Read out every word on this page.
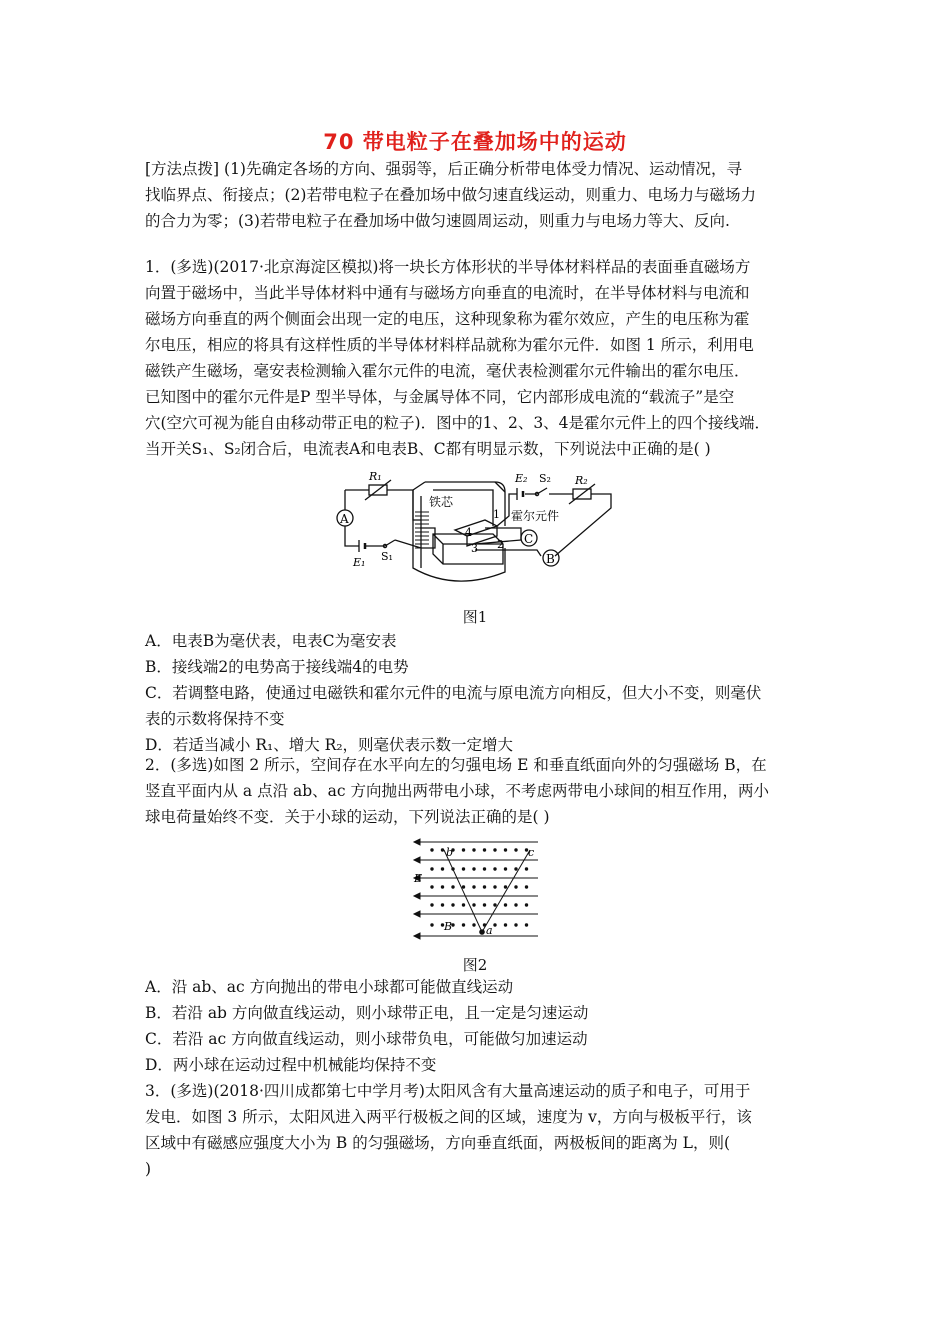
70 带电粒子在叠加场中的运动
[方法点拨] (1)先确定各场的方向、强弱等，后正确分析带电体受力情况、运动情况，寻
找临界点、衔接点；(2)若带电粒子在叠加场中做匀速直线运动，则重力、电场力与磁场力
的合力为零；(3)若带电粒子在叠加场中做匀速圆周运动，则重力与电场力等大、反向.
1．(多选)(2017·北京海淀区模拟)将一块长方体形状的半导体材料样品的表面垂直磁场方
向置于磁场中，当此半导体材料中通有与磁场方向垂直的电流时，在半导体材料与电流和
磁场方向垂直的两个侧面会出现一定的电压，这种现象称为霍尔效应，产生的电压称为霍
尔电压，相应的将具有这样性质的半导体材料样品就称为霍尔元件．如图 1 所示，利用电
磁铁产生磁场，毫安表检测输入霍尔元件的电流，毫伏表检测霍尔元件输出的霍尔电压．
已知图中的霍尔元件是P 型半导体，与金属导体不同，它内部形成电流的“载流子”是空
穴(空穴可视为能自由移动带正电的粒子)．图中的1、2、3、4是霍尔元件上的四个接线端．
当开关S₁、S₂闭合后，电流表A和电表B、C都有明显示数，下列说法中正确的是( )
A
C
B
R₁	R₂
E₁
E₂
S₁
S₂
铁芯
霍尔元件
1
2
3
4
图1
A．电表B为毫伏表，电表C为毫安表
B．接线端2的电势高于接线端4的电势
C．若调整电路，使通过电磁铁和霍尔元件的电流与原电流方向相反，但大小不变，则毫伏
表的示数将保持不变
D．若适当减小 R₁、增大 R₂，则毫伏表示数一定增大
2．(多选)如图 2 所示，空间存在水平向左的匀强电场 E 和垂直纸面向外的匀强磁场 B，在
竖直平面内从 a 点沿 ab、ac 方向抛出两带电小球，不考虑两带电小球间的相互作用，两小
球电荷量始终不变．关于小球的运动，下列说法正确的是( )
b	c
E
B	a
图2
A．沿 ab、ac 方向抛出的带电小球都可能做直线运动
B．若沿 ab 方向做直线运动，则小球带正电，且一定是匀速运动
C．若沿 ac 方向做直线运动，则小球带负电，可能做匀加速运动
D．两小球在运动过程中机械能均保持不变
3．(多选)(2018·四川成都第七中学月考)太阳风含有大量高速运动的质子和电子，可用于
发电．如图 3 所示，太阳风进入两平行极板之间的区域，速度为 v，方向与极板平行，该
区域中有磁感应强度大小为 B 的匀强磁场，方向垂直纸面，两极板间的距离为 L，则(
)
